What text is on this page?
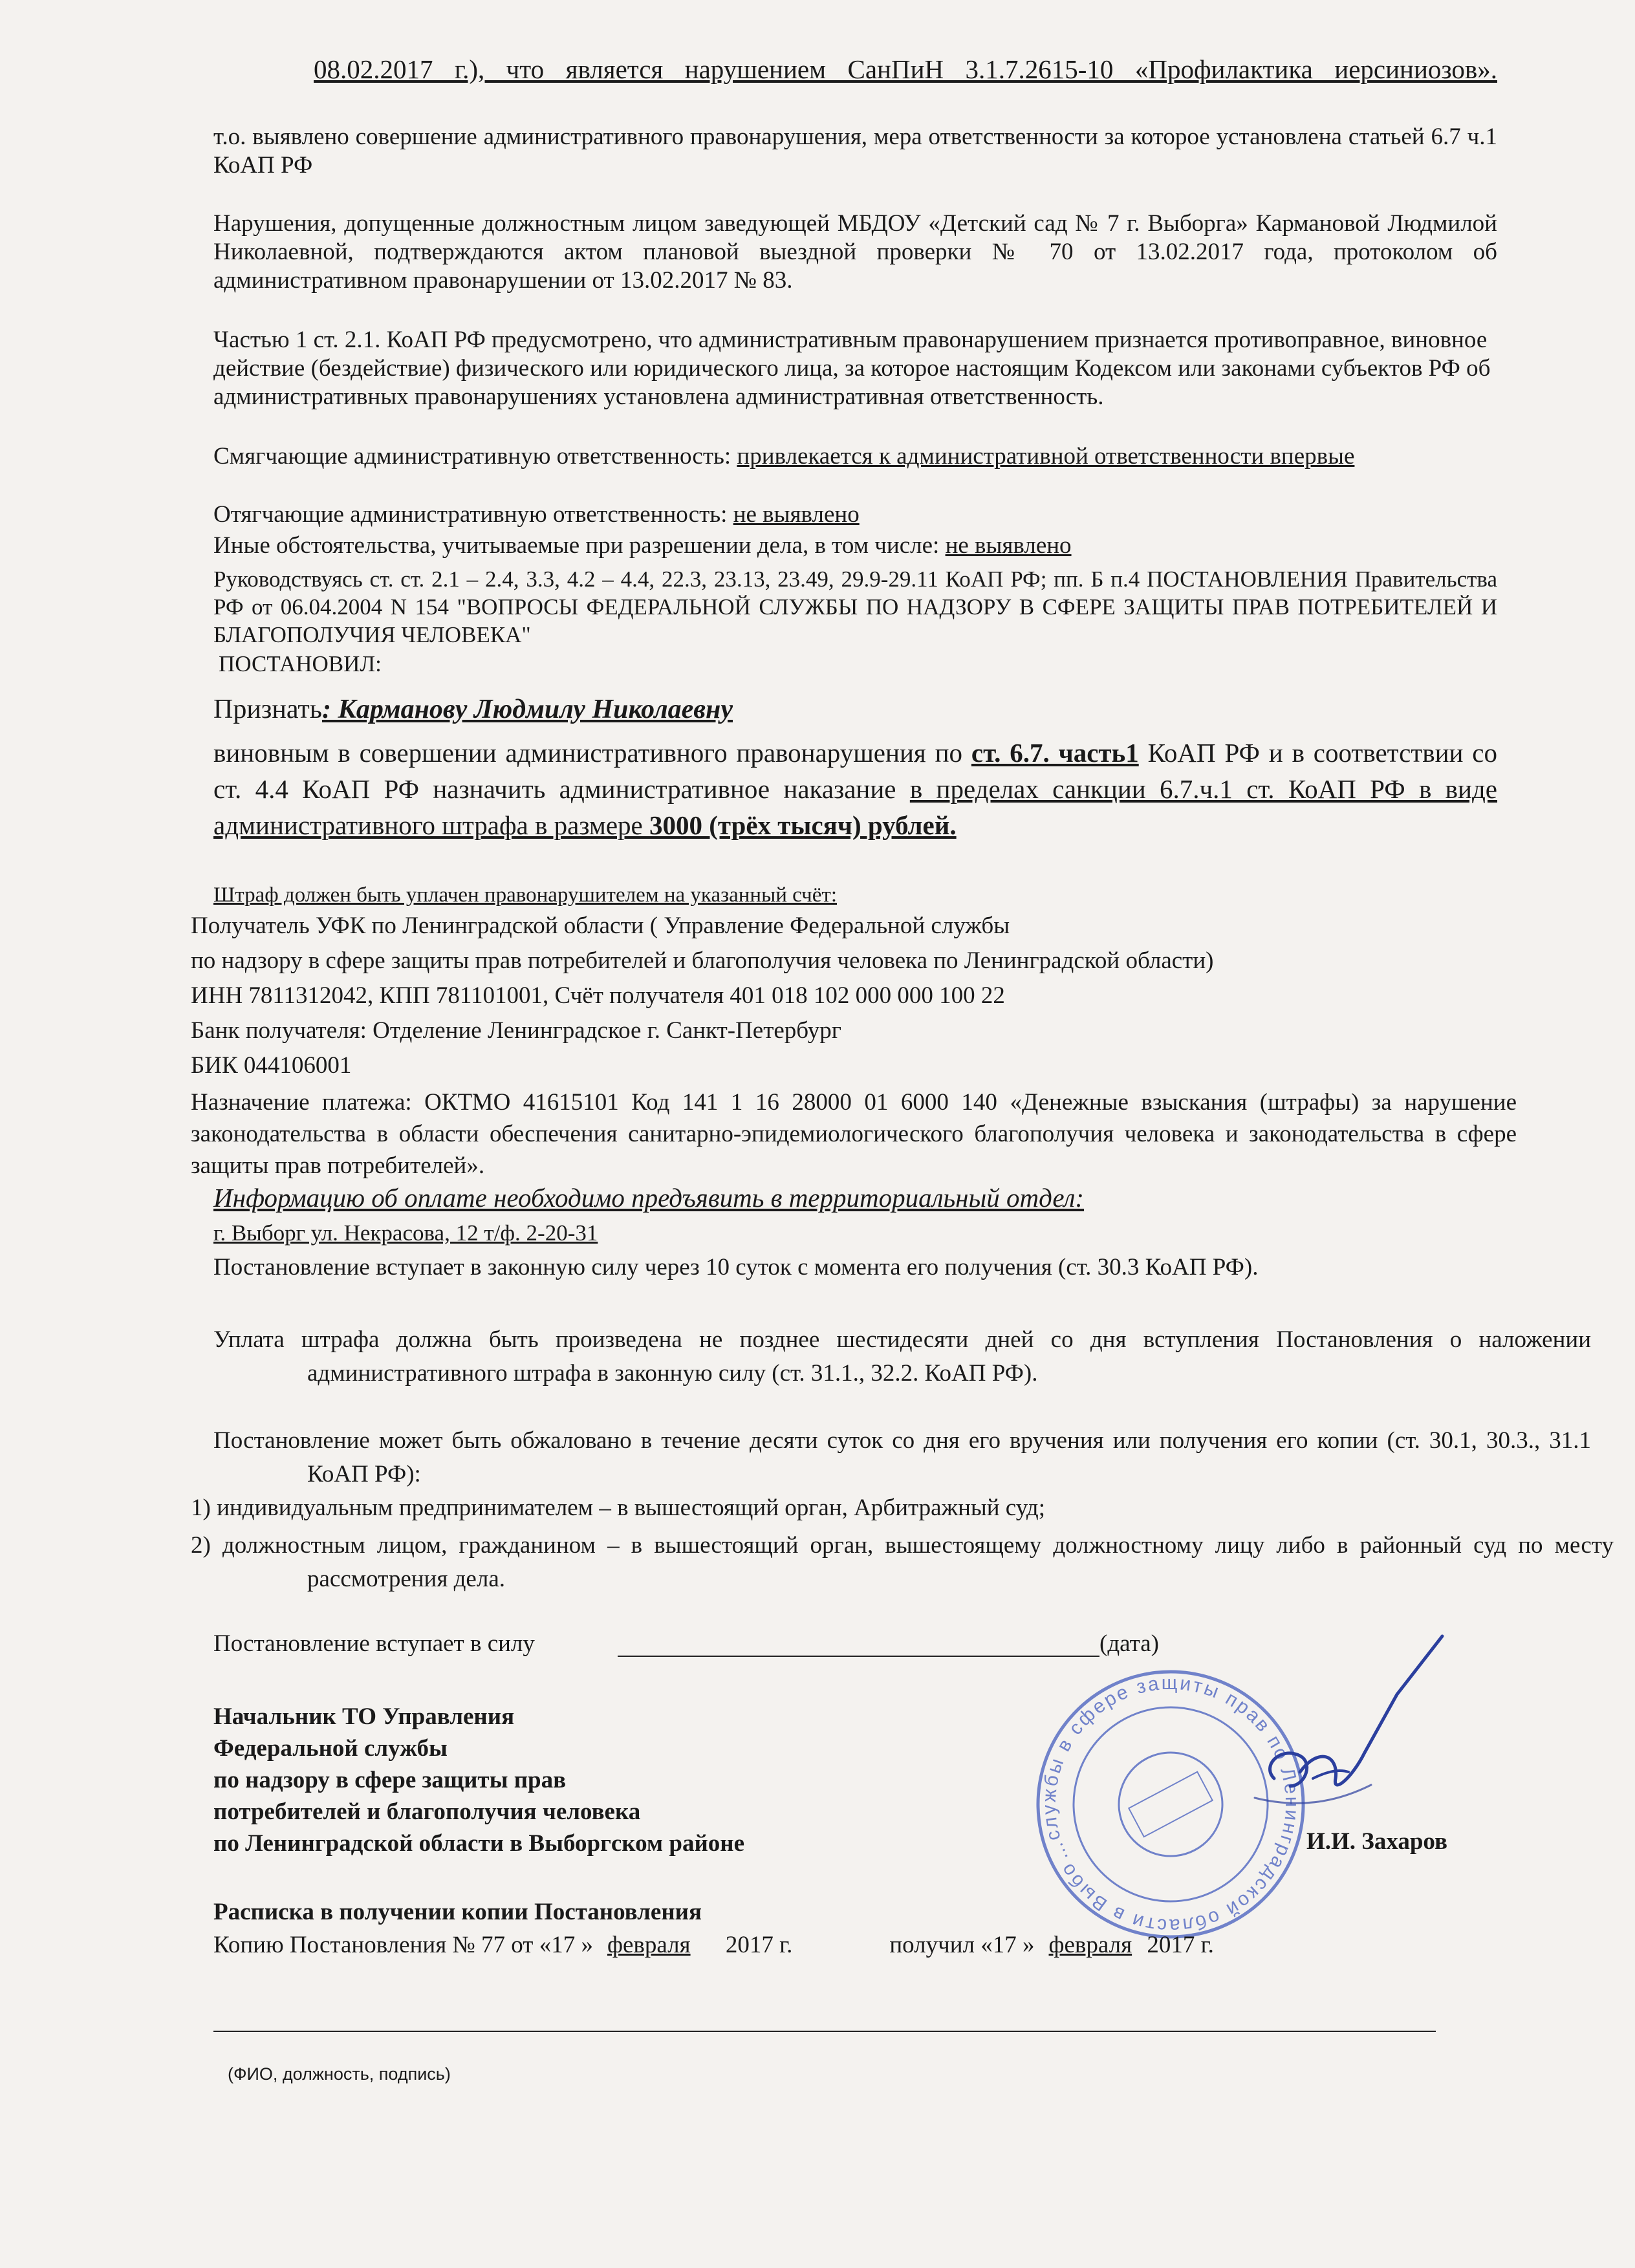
08.02.2017 г.), что является нарушением СанПиН 3.1.7.2615-10 «Профилактика иерсиниозов».

т.о. выявлено совершение административного правонарушения, мера ответственности за которое установлена статьей 6.7 ч.1 КоАП РФ

Нарушения, допущенные должностным лицом заведующей МБДОУ «Детский сад № 7 г. Выборга» Кармановой Людмилой Николаевной, подтверждаются актом плановой выездной проверки № 70 от 13.02.2017 года, протоколом об административном правонарушении от 13.02.2017 № 83.

Частью 1 ст. 2.1. КоАП РФ предусмотрено, что административным правонарушением признается противоправное, виновное действие (бездействие) физического или юридического лица, за которое настоящим Кодексом или законами субъектов РФ об административных правонарушениях установлена административная ответственность.

Смягчающие административную ответственность: привлекается к административной ответственности впервые

Отягчающие административную ответственность: не выявлено

Иные обстоятельства, учитываемые при разрешении дела, в том числе: не выявлено

Руководствуясь ст. ст. 2.1 – 2.4, 3.3, 4.2 – 4.4, 22.3, 23.13, 23.49, 29.9-29.11 КоАП РФ; пп. Б п.4 ПОСТАНОВЛЕНИЯ Правительства РФ от 06.04.2004 N 154 "ВОПРОСЫ ФЕДЕРАЛЬНОЙ СЛУЖБЫ ПО НАДЗОРУ В СФЕРЕ ЗАЩИТЫ ПРАВ ПОТРЕБИТЕЛЕЙ И БЛАГОПОЛУЧИЯ ЧЕЛОВЕКА"

ПОСТАНОВИЛ:

Признать: Карманову Людмилу Николаевну

виновным в совершении административного правонарушения по ст. 6.7. часть1 КоАП РФ и в соответствии со ст. 4.4 КоАП РФ назначить административное наказание в пределах санкции 6.7.ч.1 ст. КоАП РФ в виде административного штрафа в размере 3000 (трёх тысяч) рублей.

Штраф должен быть уплачен правонарушителем на указанный счёт:

Получатель УФК по Ленинградской области ( Управление Федеральной службы

по надзору в сфере защиты прав потребителей и благополучия человека по Ленинградской области)

ИНН 7811312042, КПП 781101001, Счёт получателя 401 018 102 000 000 100 22

Банк получателя: Отделение Ленинградское г. Санкт-Петербург

БИК 044106001

Назначение платежа: ОКТМО 41615101 Код 141 1 16 28000 01 6000 140 «Денежные взыскания (штрафы) за нарушение законодательства в области обеспечения санитарно-эпидемиологического благополучия человека и законодательства в сфере защиты прав потребителей».

Информацию об оплате необходимо предъявить в территориальный отдел:

г. Выборг ул. Некрасова, 12 т/ф. 2-20-31

Постановление вступает в законную силу через 10 суток с момента его получения (ст. 30.3 КоАП РФ).

Уплата штрафа должна быть произведена не позднее шестидесяти дней со дня вступления Постановления о наложении административного штрафа в законную силу (ст. 31.1., 32.2. КоАП РФ).

Постановление может быть обжаловано в течение десяти суток со дня его вручения или получения его копии (ст. 30.1, 30.3., 31.1 КоАП РФ):

1) индивидуальным предпринимателем – в вышестоящий орган, Арбитражный суд;

2) должностным лицом, гражданином – в вышестоящий орган, вышестоящему должностному лицу либо в районный суд по месту рассмотрения дела.

Постановление вступает в силу	(дата)

Начальник ТО Управления
Федеральной службы
по надзору в сфере защиты прав
потребителей и благополучия человека
по Ленинградской области в Выборгском районе	И.И. Захаров

…службы в сфере защиты прав по Ленинградской области в Выборгском

Расписка в получении копии Постановления

Копию Постановления № 77 от «17 » февраля 2017 г.	получил «17 » февраля 2017 г.

(ФИО, должность, подпись)
